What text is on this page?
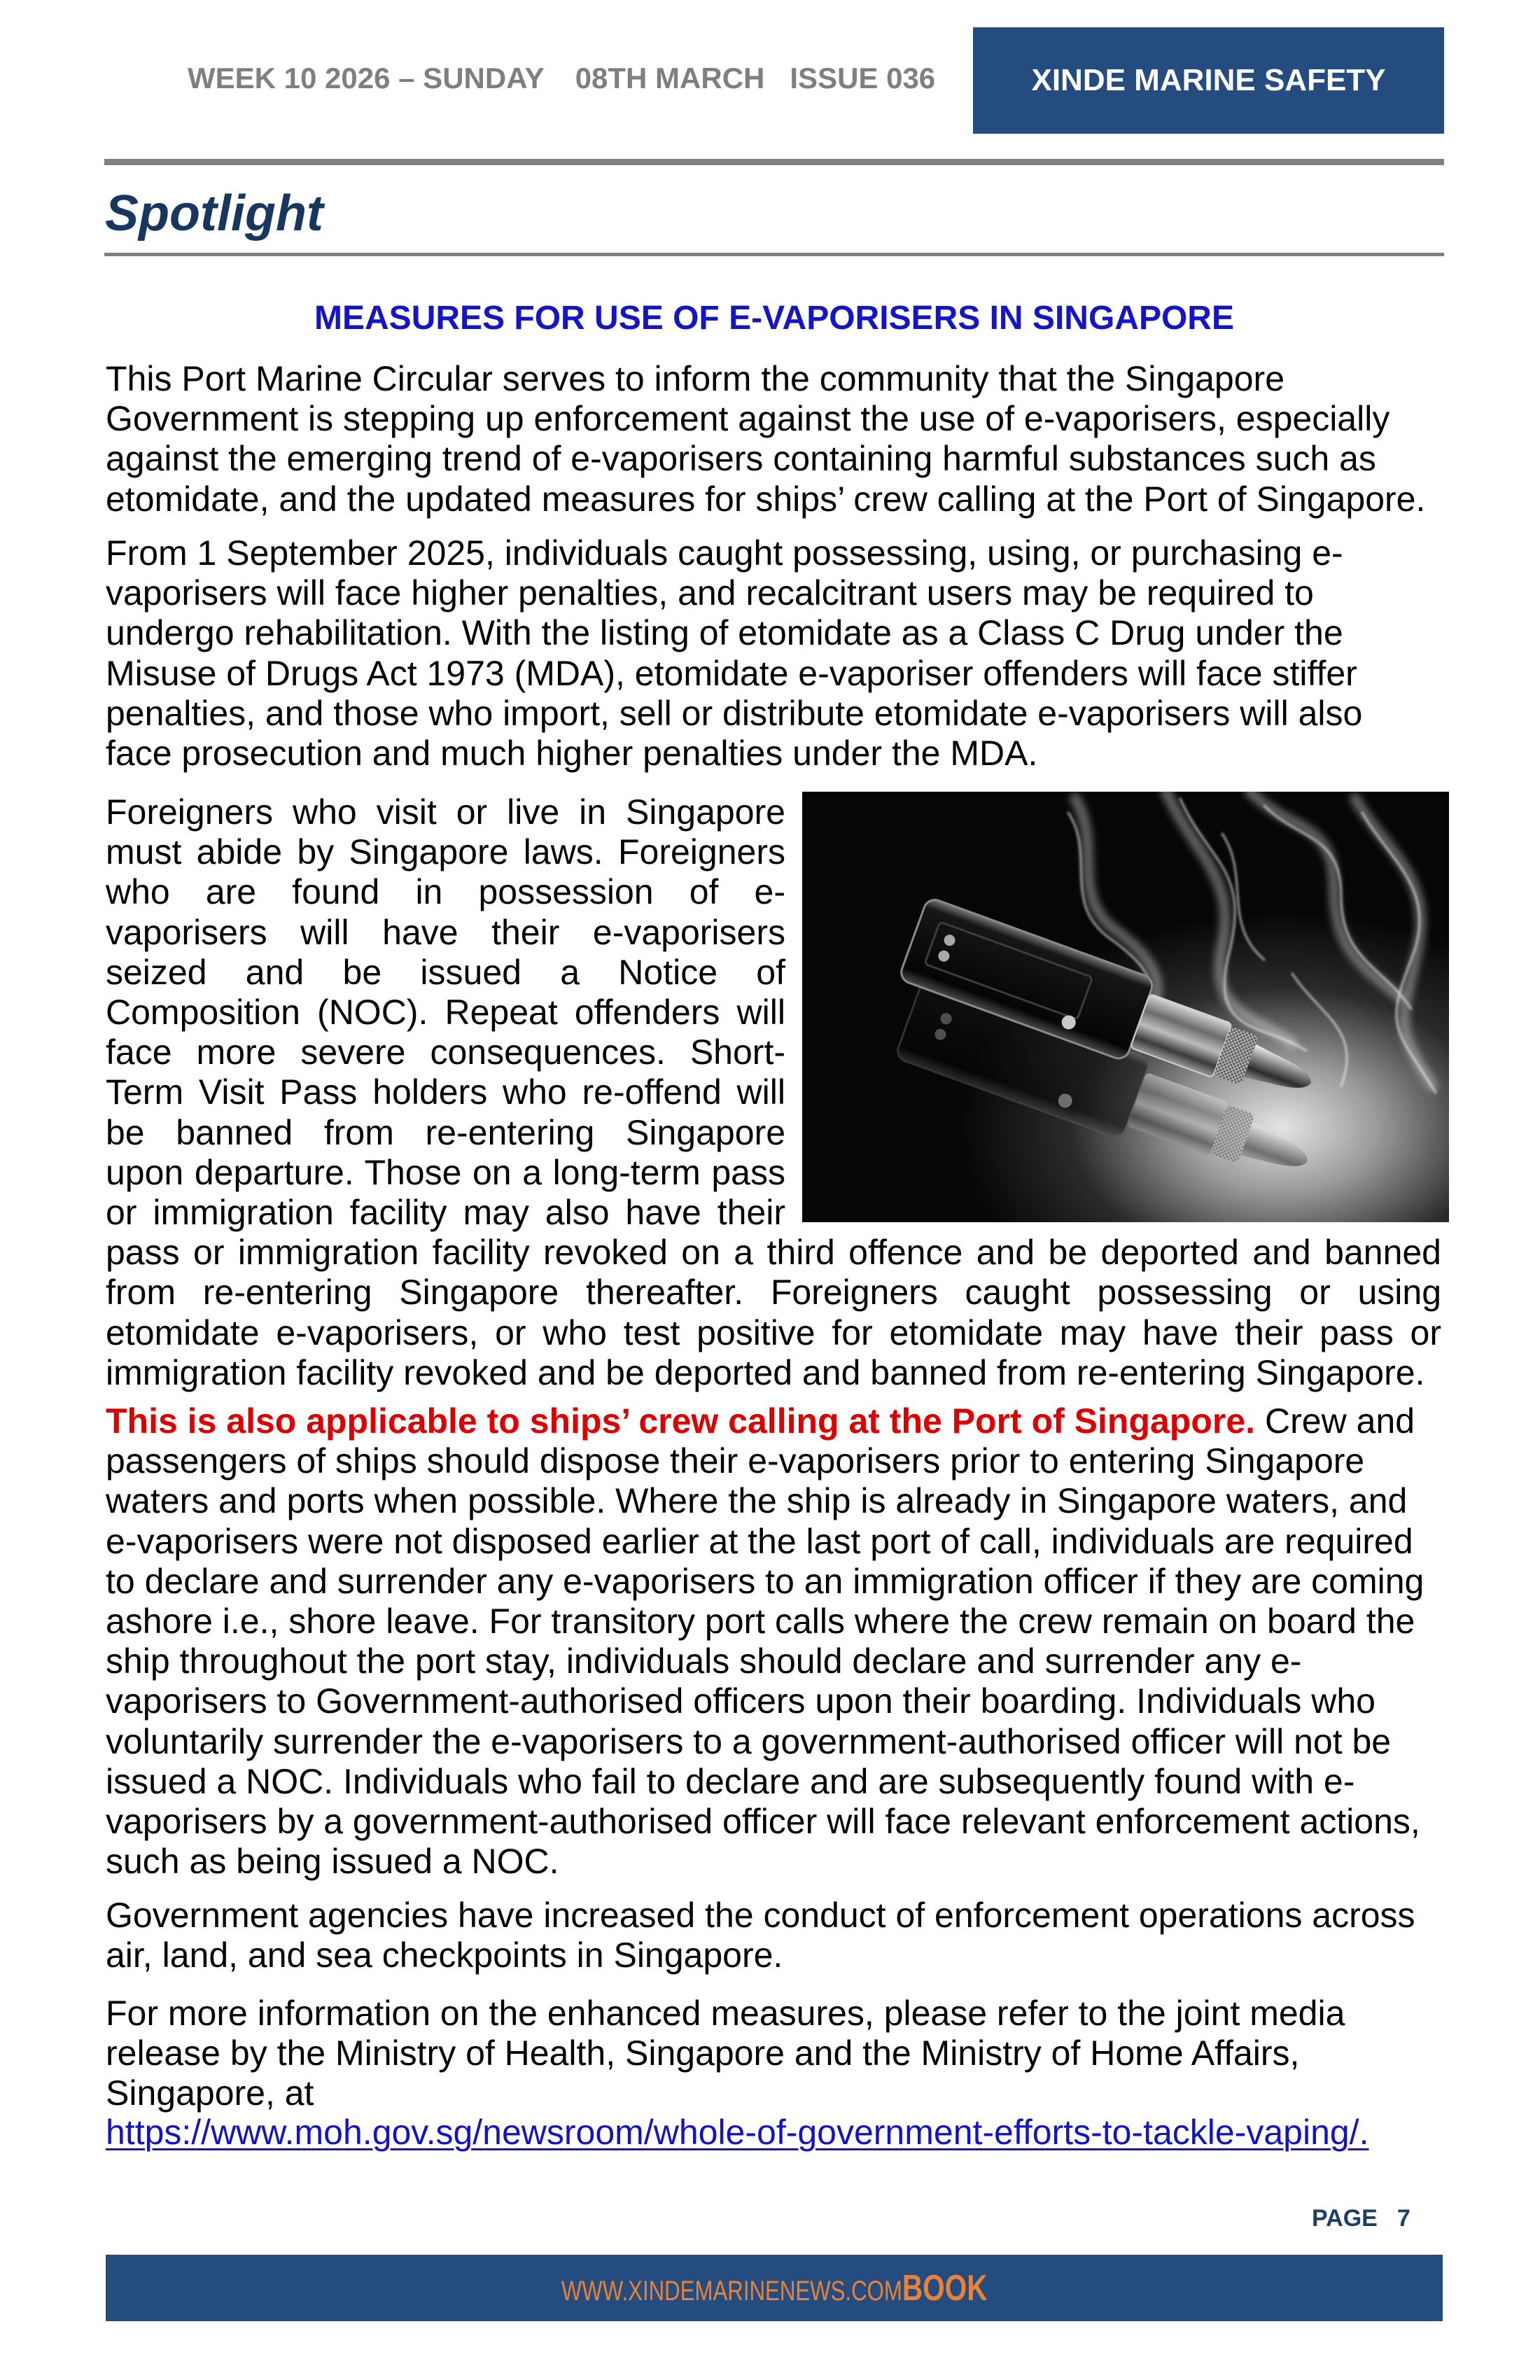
WEEK 10 2026 – SUNDAY 08TH MARCH ISSUE 036	XINDE MARINE SAFETY
Spotlight
MEASURES FOR USE OF E-VAPORISERS IN SINGAPORE
This Port Marine Circular serves to inform the community that the Singapore
Government is stepping up enforcement against the use of e-vaporisers, especially
against the emerging trend of e-vaporisers containing harmful substances such as
etomidate, and the updated measures for ships’ crew calling at the Port of Singapore.
From 1 September 2025, individuals caught possessing, using, or purchasing e-
vaporisers will face higher penalties, and recalcitrant users may be required to
undergo rehabilitation. With the listing of etomidate as a Class C Drug under the
Misuse of Drugs Act 1973 (MDA), etomidate e-vaporiser offenders will face stiffer
penalties, and those who import, sell or distribute etomidate e-vaporisers will also
face prosecution and much higher penalties under the MDA.
Foreigners who visit or live in Singapore
must abide by Singapore laws. Foreigners
who are found in possession of e-
vaporisers will have their e-vaporisers
seized and be issued a Notice of
Composition (NOC). Repeat offenders will
face more severe consequences. Short-
Term Visit Pass holders who re-offend will
be banned from re-entering Singapore
upon departure. Those on a long-term pass
or immigration facility may also have their
pass or immigration facility revoked on a third offence and be deported and banned
from re-entering Singapore thereafter. Foreigners caught possessing or using
etomidate e-vaporisers, or who test positive for etomidate may have their pass or
immigration facility revoked and be deported and banned from re-entering Singapore.
This is also applicable to ships’ crew calling at the Port of Singapore. Crew and
passengers of ships should dispose their e-vaporisers prior to entering Singapore
waters and ports when possible. Where the ship is already in Singapore waters, and
e-vaporisers were not disposed earlier at the last port of call, individuals are required
to declare and surrender any e-vaporisers to an immigration officer if they are coming
ashore i.e., shore leave. For transitory port calls where the crew remain on board the
ship throughout the port stay, individuals should declare and surrender any e-
vaporisers to Government-authorised officers upon their boarding. Individuals who
voluntarily surrender the e-vaporisers to a government-authorised officer will not be
issued a NOC. Individuals who fail to declare and are subsequently found with e-
vaporisers by a government-authorised officer will face relevant enforcement actions,
such as being issued a NOC.
Government agencies have increased the conduct of enforcement operations across
air, land, and sea checkpoints in Singapore.
For more information on the enhanced measures, please refer to the joint media
release by the Ministry of Health, Singapore and the Ministry of Home Affairs,
Singapore, at
https://www.moh.gov.sg/newsroom/whole-of-government-efforts-to-tackle-vaping/.
PAGE 7
WWW.XINDEMARINENEWS.COM BOOK
